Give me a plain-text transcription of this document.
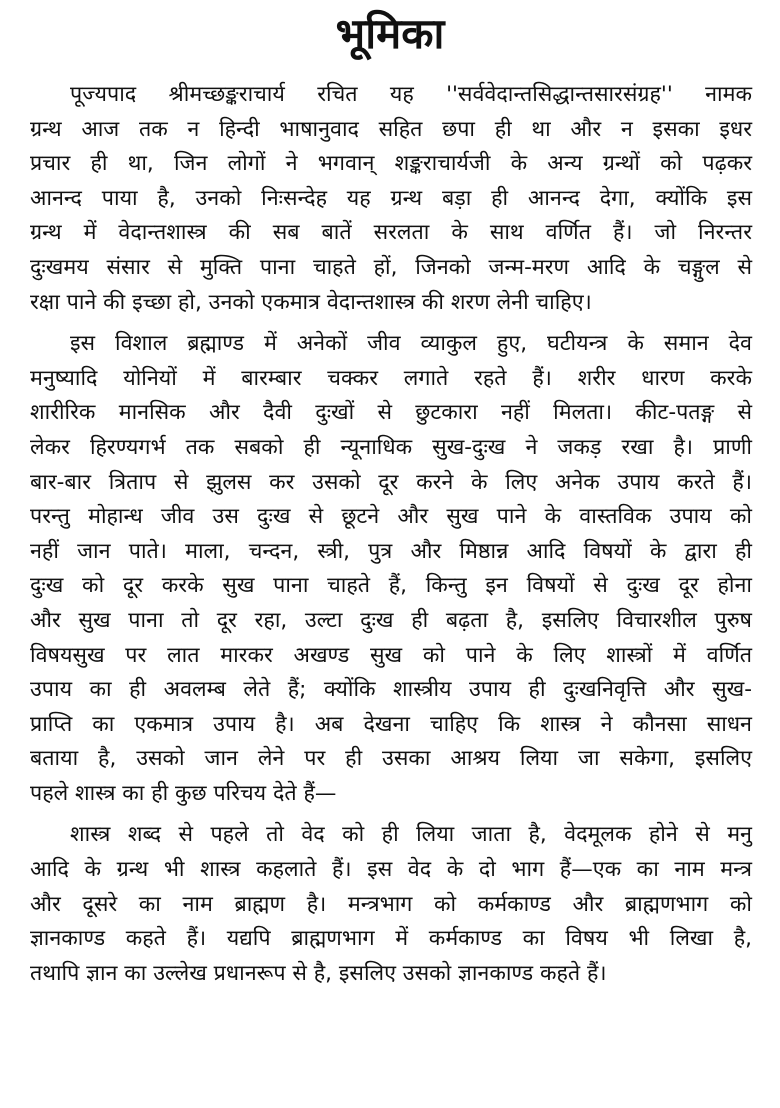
भूमिका

पूज्यपाद श्रीमच्छङ्कराचार्य रचित यह ''सर्ववेदान्तसिद्धान्तसारसंग्रह'' नामक
ग्रन्थ आज तक न हिन्दी भाषानुवाद सहित छपा ही था और न इसका इधर
प्रचार ही था, जिन लोगों ने भगवान् शङ्कराचार्यजी के अन्य ग्रन्थों को पढ़कर
आनन्द पाया है, उनको निःसन्देह यह ग्रन्थ बड़ा ही आनन्द देगा, क्योंकि इस
ग्रन्थ में वेदान्तशास्त्र की सब बातें सरलता के साथ वर्णित हैं। जो निरन्तर
दुःखमय संसार से मुक्ति पाना चाहते हों, जिनको जन्म-मरण आदि के चङ्गुल से
रक्षा पाने की इच्छा हो, उनको एकमात्र वेदान्तशास्त्र की शरण लेनी चाहिए।

इस विशाल ब्रह्माण्ड में अनेकों जीव व्याकुल हुए, घटीयन्त्र के समान देव
मनुष्यादि योनियों में बारम्बार चक्कर लगाते रहते हैं। शरीर धारण करके
शारीरिक मानसिक और दैवी दुःखों से छुटकारा नहीं मिलता। कीट-पतङ्ग से
लेकर हिरण्यगर्भ तक सबको ही न्यूनाधिक सुख-दुःख ने जकड़ रखा है। प्राणी
बार-बार त्रिताप से झुलस कर उसको दूर करने के लिए अनेक उपाय करते हैं।
परन्तु मोहान्ध जीव उस दुःख से छूटने और सुख पाने के वास्तविक उपाय को
नहीं जान पाते। माला, चन्दन, स्त्री, पुत्र और मिष्ठान्न आदि विषयों के द्वारा ही
दुःख को दूर करके सुख पाना चाहते हैं, किन्तु इन विषयों से दुःख दूर होना
और सुख पाना तो दूर रहा, उल्टा दुःख ही बढ़ता है, इसलिए विचारशील पुरुष
विषयसुख पर लात मारकर अखण्ड सुख को पाने के लिए शास्त्रों में वर्णित
उपाय का ही अवलम्ब लेते हैं; क्योंकि शास्त्रीय उपाय ही दुःखनिवृत्ति और सुख-
प्राप्ति का एकमात्र उपाय है। अब देखना चाहिए कि शास्त्र ने कौनसा साधन
बताया है, उसको जान लेने पर ही उसका आश्रय लिया जा सकेगा, इसलिए
पहले शास्त्र का ही कुछ परिचय देते हैं—

शास्त्र शब्द से पहले तो वेद को ही लिया जाता है, वेदमूलक होने से मनु
आदि के ग्रन्थ भी शास्त्र कहलाते हैं। इस वेद के दो भाग हैं—एक का नाम मन्त्र
और दूसरे का नाम ब्राह्मण है। मन्त्रभाग को कर्मकाण्ड और ब्राह्मणभाग को
ज्ञानकाण्ड कहते हैं। यद्यपि ब्राह्मणभाग में कर्मकाण्ड का विषय भी लिखा है,
तथापि ज्ञान का उल्लेख प्रधानरूप से है, इसलिए उसको ज्ञानकाण्ड कहते हैं।
